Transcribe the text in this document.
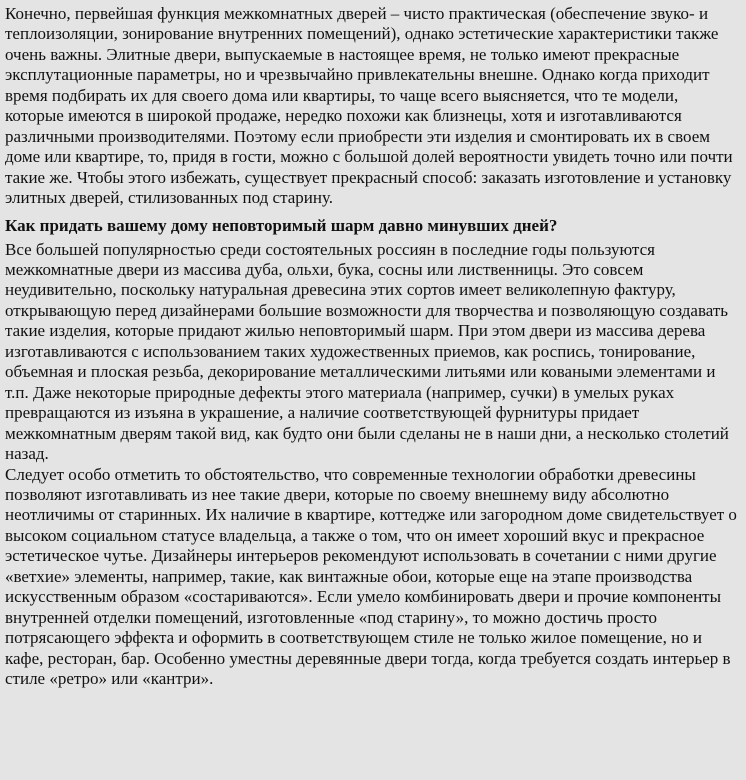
Конечно, первейшая функция межкомнатных дверей – чисто практическая (обеспечение звуко- и теплоизоляции, зонирование внутренних помещений), однако эстетические характеристики также очень важны. Элитные двери, выпускаемые в настоящее время, не только имеют прекрасные эксплутационные параметры, но и чрезвычайно привлекательны внешне. Однако когда приходит время подбирать их для своего дома или квартиры, то чаще всего выясняется, что те модели, которые имеются в широкой продаже, нередко похожи как близнецы, хотя и изготавливаются различными производителями. Поэтому если приобрести эти изделия и смонтировать их в своем доме или квартире, то, придя в гости, можно с большой долей вероятности увидеть точно или почти такие же. Чтобы этого избежать, существует прекрасный способ: заказать изготовление и установку элитных дверей, стилизованных под старину.

Как придать вашему дому неповторимый шарм давно минувших дней?

Все большей популярностью среди состоятельных россиян в последние годы пользуются межкомнатные двери из массива дуба, ольхи, бука, сосны или лиственницы. Это совсем неудивительно, поскольку натуральная древесина этих сортов имеет великолепную фактуру, открывающую перед дизайнерами большие возможности для творчества и позволяющую создавать такие изделия, которые придают жилью неповторимый шарм. При этом двери из массива дерева изготавливаются с использованием таких художественных приемов, как роспись, тонирование, объемная и плоская резьба, декорирование металлическими литьями или коваными элементами и т.п. Даже некоторые природные дефекты этого материала (например, сучки) в умелых руках превращаются из изъяна в украшение, а наличие соответствующей фурнитуры придает межкомнатным дверям такой вид, как будто они были сделаны не в наши дни, а несколько столетий назад.

Следует особо отметить то обстоятельство, что современные технологии обработки древесины позволяют изготавливать из нее такие двери, которые по своему внешнему виду абсолютно неотличимы от старинных. Их наличие в квартире, коттедже или загородном доме свидетельствует о высоком социальном статусе владельца, а также о том, что он имеет хороший вкус и прекрасное эстетическое чутье. Дизайнеры интерьеров рекомендуют использовать в сочетании с ними другие «ветхие» элементы, например, такие, как винтажные обои, которые еще на этапе производства искусственным образом «состариваются». Если умело комбинировать двери и прочие компоненты внутренней отделки помещений, изготовленные «под старину», то можно достичь просто потрясающего эффекта и оформить в соответствующем стиле не только жилое помещение, но и кафе, ресторан, бар. Особенно уместны деревянные двери тогда, когда требуется создать интерьер в стиле «ретро» или «кантри».
